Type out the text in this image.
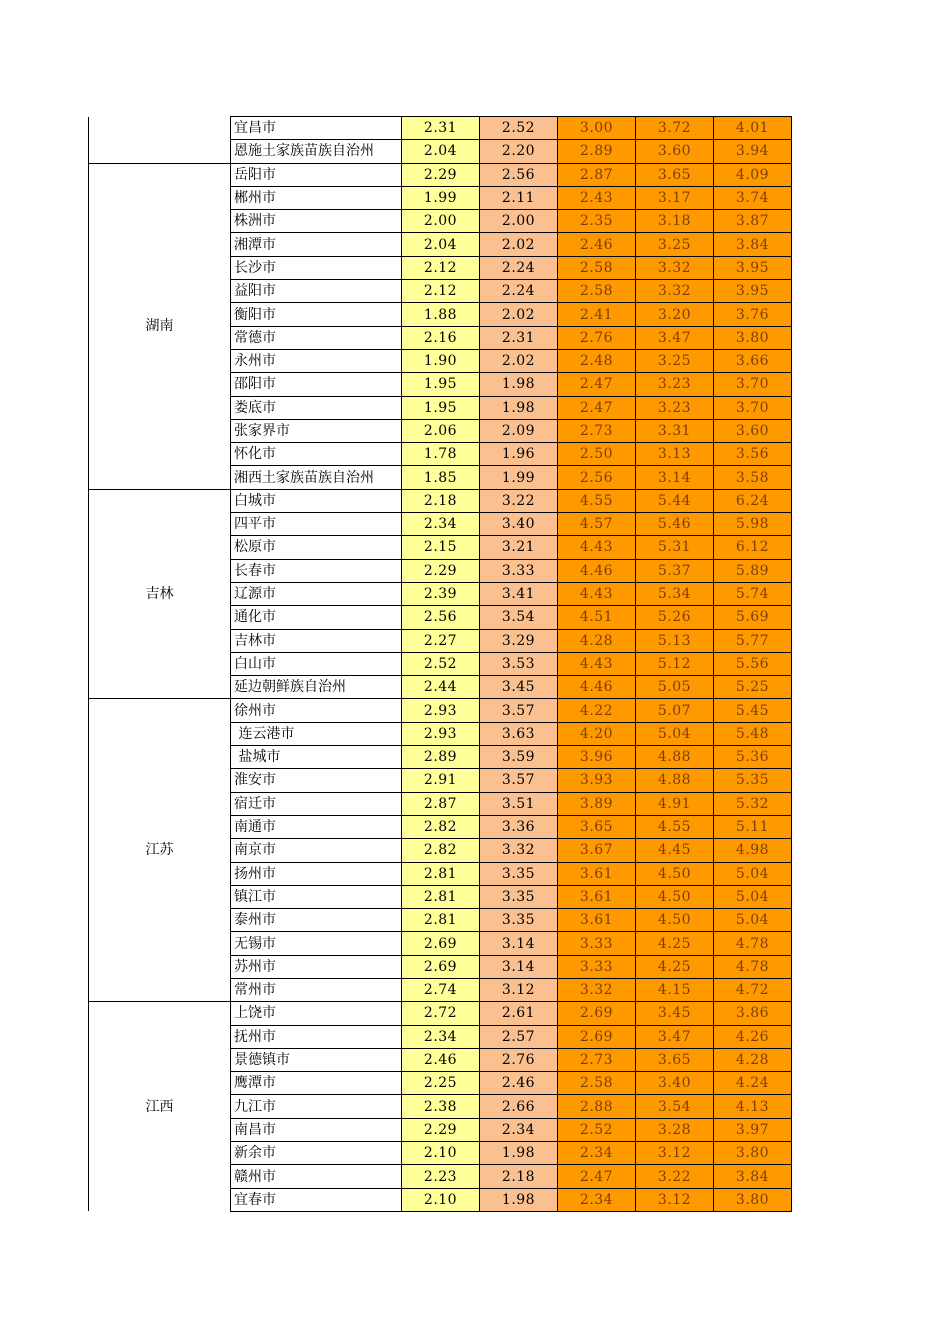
	宜昌市	2.31	2.52	3.00	3.72	4.01
	恩施土家族苗族自治州	2.04	2.20	2.89	3.60	3.94
湖南	岳阳市	2.29	2.56	2.87	3.65	4.09
	郴州市	1.99	2.11	2.43	3.17	3.74
	株洲市	2.00	2.00	2.35	3.18	3.87
	湘潭市	2.04	2.02	2.46	3.25	3.84
	长沙市	2.12	2.24	2.58	3.32	3.95
	益阳市	2.12	2.24	2.58	3.32	3.95
	衡阳市	1.88	2.02	2.41	3.20	3.76
	常德市	2.16	2.31	2.76	3.47	3.80
	永州市	1.90	2.02	2.48	3.25	3.66
	邵阳市	1.95	1.98	2.47	3.23	3.70
	娄底市	1.95	1.98	2.47	3.23	3.70
	张家界市	2.06	2.09	2.73	3.31	3.60
	怀化市	1.78	1.96	2.50	3.13	3.56
	湘西土家族苗族自治州	1.85	1.99	2.56	3.14	3.58
吉林	白城市	2.18	3.22	4.55	5.44	6.24
	四平市	2.34	3.40	4.57	5.46	5.98
	松原市	2.15	3.21	4.43	5.31	6.12
	长春市	2.29	3.33	4.46	5.37	5.89
	辽源市	2.39	3.41	4.43	5.34	5.74
	通化市	2.56	3.54	4.51	5.26	5.69
	吉林市	2.27	3.29	4.28	5.13	5.77
	白山市	2.52	3.53	4.43	5.12	5.56
	延边朝鲜族自治州	2.44	3.45	4.46	5.05	5.25
江苏	徐州市	2.93	3.57	4.22	5.07	5.45
	连云港市	2.93	3.63	4.20	5.04	5.48
	盐城市	2.89	3.59	3.96	4.88	5.36
	淮安市	2.91	3.57	3.93	4.88	5.35
	宿迁市	2.87	3.51	3.89	4.91	5.32
	南通市	2.82	3.36	3.65	4.55	5.11
	南京市	2.82	3.32	3.67	4.45	4.98
	扬州市	2.81	3.35	3.61	4.50	5.04
	镇江市	2.81	3.35	3.61	4.50	5.04
	泰州市	2.81	3.35	3.61	4.50	5.04
	无锡市	2.69	3.14	3.33	4.25	4.78
	苏州市	2.69	3.14	3.33	4.25	4.78
	常州市	2.74	3.12	3.32	4.15	4.72
江西	上饶市	2.72	2.61	2.69	3.45	3.86
	抚州市	2.34	2.57	2.69	3.47	4.26
	景德镇市	2.46	2.76	2.73	3.65	4.28
	鹰潭市	2.25	2.46	2.58	3.40	4.24
	九江市	2.38	2.66	2.88	3.54	4.13
	南昌市	2.29	2.34	2.52	3.28	3.97
	新余市	2.10	1.98	2.34	3.12	3.80
	赣州市	2.23	2.18	2.47	3.22	3.84
	宜春市	2.10	1.98	2.34	3.12	3.80
